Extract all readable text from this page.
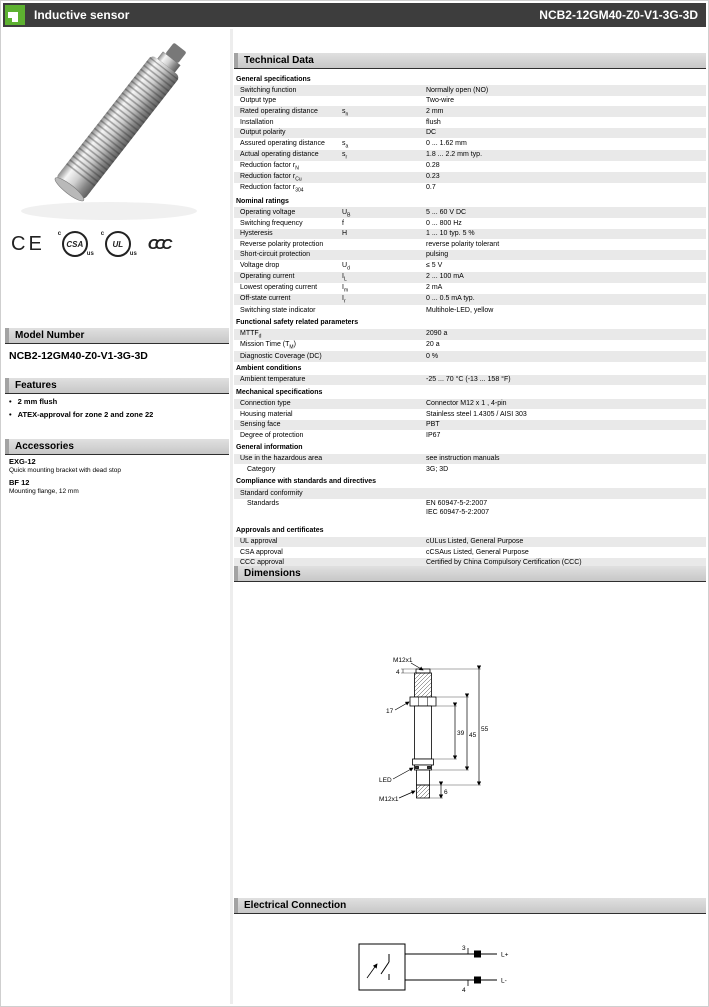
Inductive sensor	NCB2-12GM40-Z0-V1-3G-3D
CE c
CSA
us
c
UL
us
CCC
Model Number
NCB2-12GM40-Z0-V1-3G-3D
Features
• 2 mm flush
• ATEX-approval for zone 2 and zone 22
Accessories
EXG-12
Quick mounting bracket with dead stop
BF 12
Mounting flange, 12 mm
Technical Data
General specifications
Switching function	Normally open (NO)
Output type	Two-wire
Rated operating distance	$s_n$	2 mm
Installation	flush
Output polarity	DC
Assured operating distance	$s_a$	0 ... 1.62 mm
Actual operating distance	$s_r$	1.8 ... 2.2 mm typ.
Reduction factor $r_N$	0.28
Reduction factor $r_{Cu}$	0.23
Reduction factor $r_{304}$	0.7
Nominal ratings
Operating voltage	$U_B$	5 ... 60 V DC
Switching frequency	f	0 ... 800 Hz
Hysteresis	H	1 ... 10 typ. 5 %
Reverse polarity protection	reverse polarity tolerant
Short-circuit protection	pulsing
Voltage drop	$U_d$	≤ 5 V
Operating current	$I_L$	2 ... 100 mA
Lowest operating current	$I_m$	2 mA
Off-state current	$I_r$	0 ... 0.5 mA typ.
Switching state indicator	Multihole-LED, yellow
Functional safety related parameters
$MTTF_d$	2090 a
Mission Time $(T_M)$	20 a
Diagnostic Coverage (DC)	0 %
Ambient conditions
Ambient temperature	-25 ... 70 °C (-13 ... 158 °F)
Mechanical specifications
Connection type	Connector M12 x 1 , 4-pin
Housing material	Stainless steel 1.4305 / AISI 303
Sensing face	PBT
Degree of protection	IP67
General information
Use in the hazardous area	see instruction manuals
Category	3G; 3D
Compliance with standards and directives
Standard conformity
Standards	EN 60947-5-2:2007
IEC 60947-5-2:2007
Approvals and certificates
UL approval	cULus Listed, General Purpose
CSA approval	cCSAus Listed, General Purpose
CCC approval	Certified by China Compulsory Certification (CCC)
Dimensions
M12x1
4
17
39 45
55
6
LED
M12x1
Electrical Connection
3
4
L+
L-
